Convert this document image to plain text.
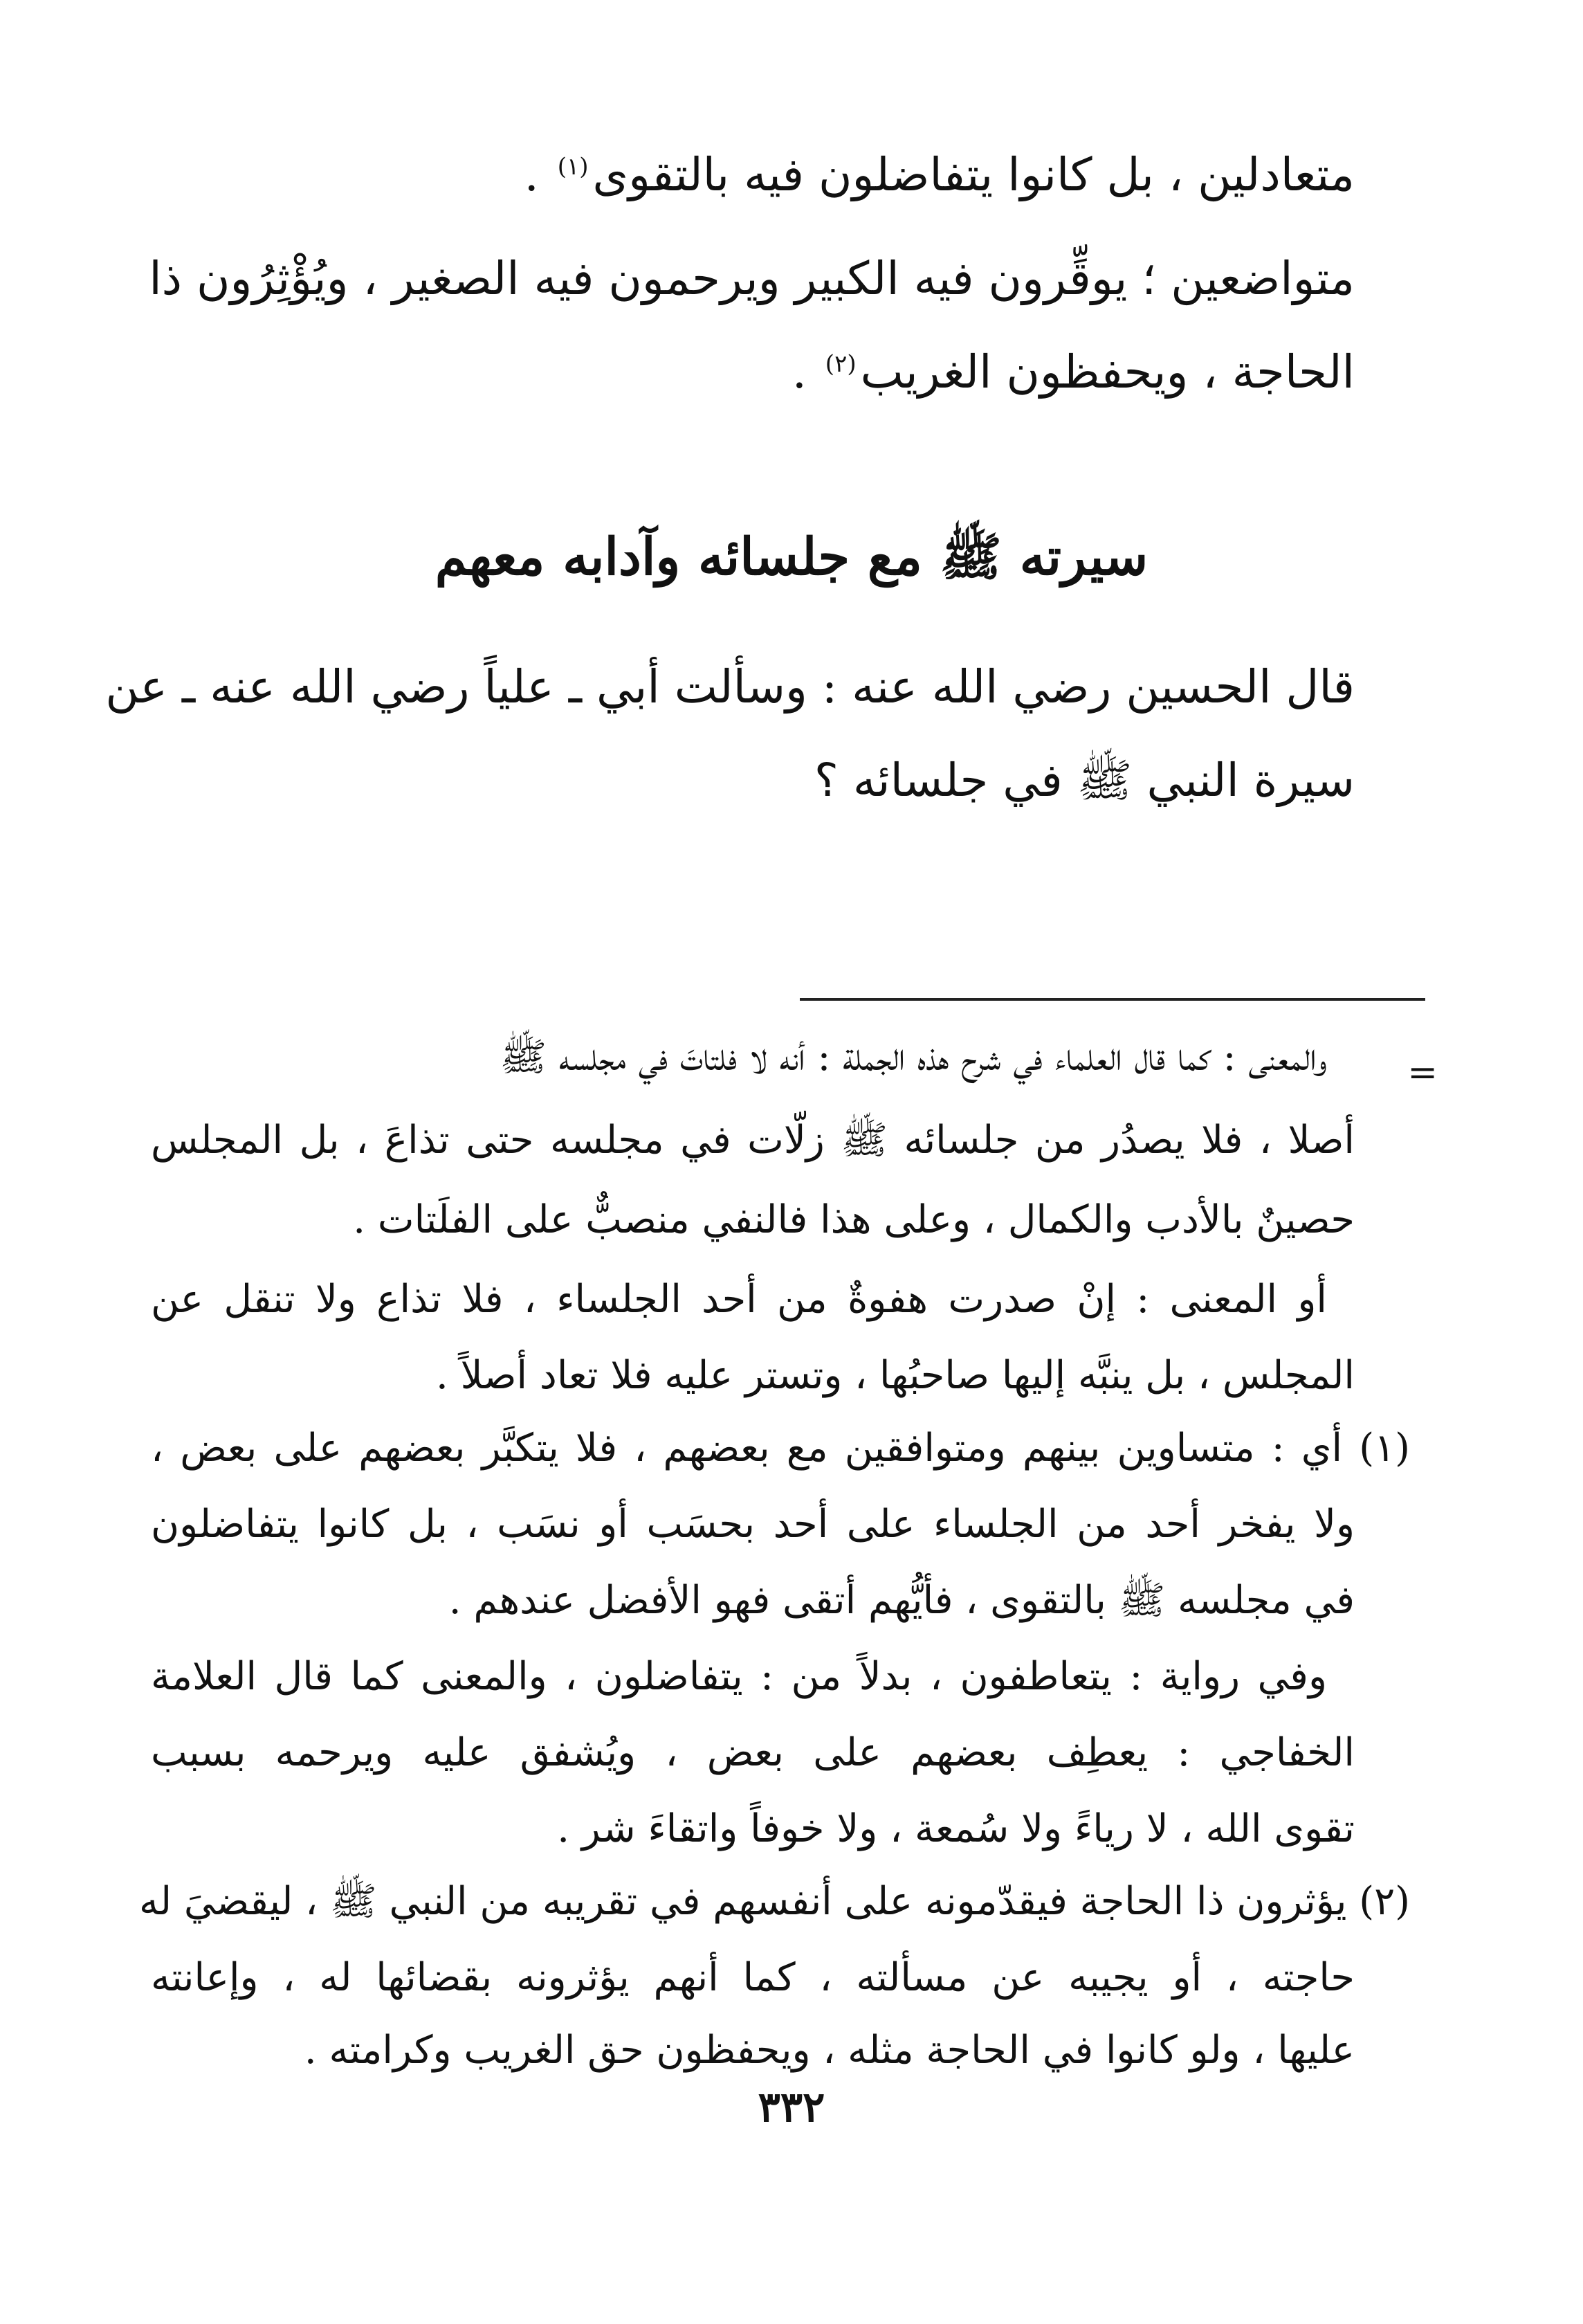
متعادلين ، بل كانوا يتفاضلون فيه بالتقوى$^{(١)}$ .
متواضعين ؛ يوقِّرون فيه الكبير ويرحمون فيه الصغير ، ويُؤْثِرُون ذا
الحاجة ، ويحفظون الغريب$^{(٢)}$ .
سيرته ﷺ مع جلسائه وآدابه معهم
قال الحسين رضي الله عنه : وسألت أبي ـ علياً رضي الله عنه ـ عن
سيرة النبي ﷺ في جلسائه ؟
=
والمعنى : كما قال العلماء في شرح هذه الجملة : أنه لا فلتاتَ في مجلسه ﷺ
أصلا ، فلا يصدُر من جلسائه ﷺ زلّات في مجلسه حتى تذاعَ ، بل المجلس
حصينٌ بالأدب والكمال ، وعلى هذا فالنفي منصبٌّ على الفلَتات .
أو المعنى : إنْ صدرت هفوةٌ من أحد الجلساء ، فلا تذاع ولا تنقل عن
المجلس ، بل ينبَّه إليها صاحبُها ، وتستر عليه فلا تعاد أصلاً .
(١) أي : متساوين بينهم ومتوافقين مع بعضهم ، فلا يتكبَّر بعضهم على بعض ،
ولا يفخر أحد من الجلساء على أحد بحسَب أو نسَب ، بل كانوا يتفاضلون
في مجلسه ﷺ بالتقوى ، فأيُّهم أتقى فهو الأفضل عندهم .
وفي رواية : يتعاطفون ، بدلاً من : يتفاضلون ، والمعنى كما قال العلامة
الخفاجي : يعطِف بعضهم على بعض ، ويُشفق عليه ويرحمه بسبب
تقوى الله ، لا رياءً ولا سُمعة ، ولا خوفاً واتقاءَ شر .
(٢) يؤثرون ذا الحاجة فيقدّمونه على أنفسهم في تقريبه من النبي ﷺ ، ليقضيَ له
حاجته ، أو يجيبه عن مسألته ، كما أنهم يؤثرونه بقضائها له ، وإعانته
عليها ، ولو كانوا في الحاجة مثله ، ويحفظون حق الغريب وكرامته .
٣٣٢
